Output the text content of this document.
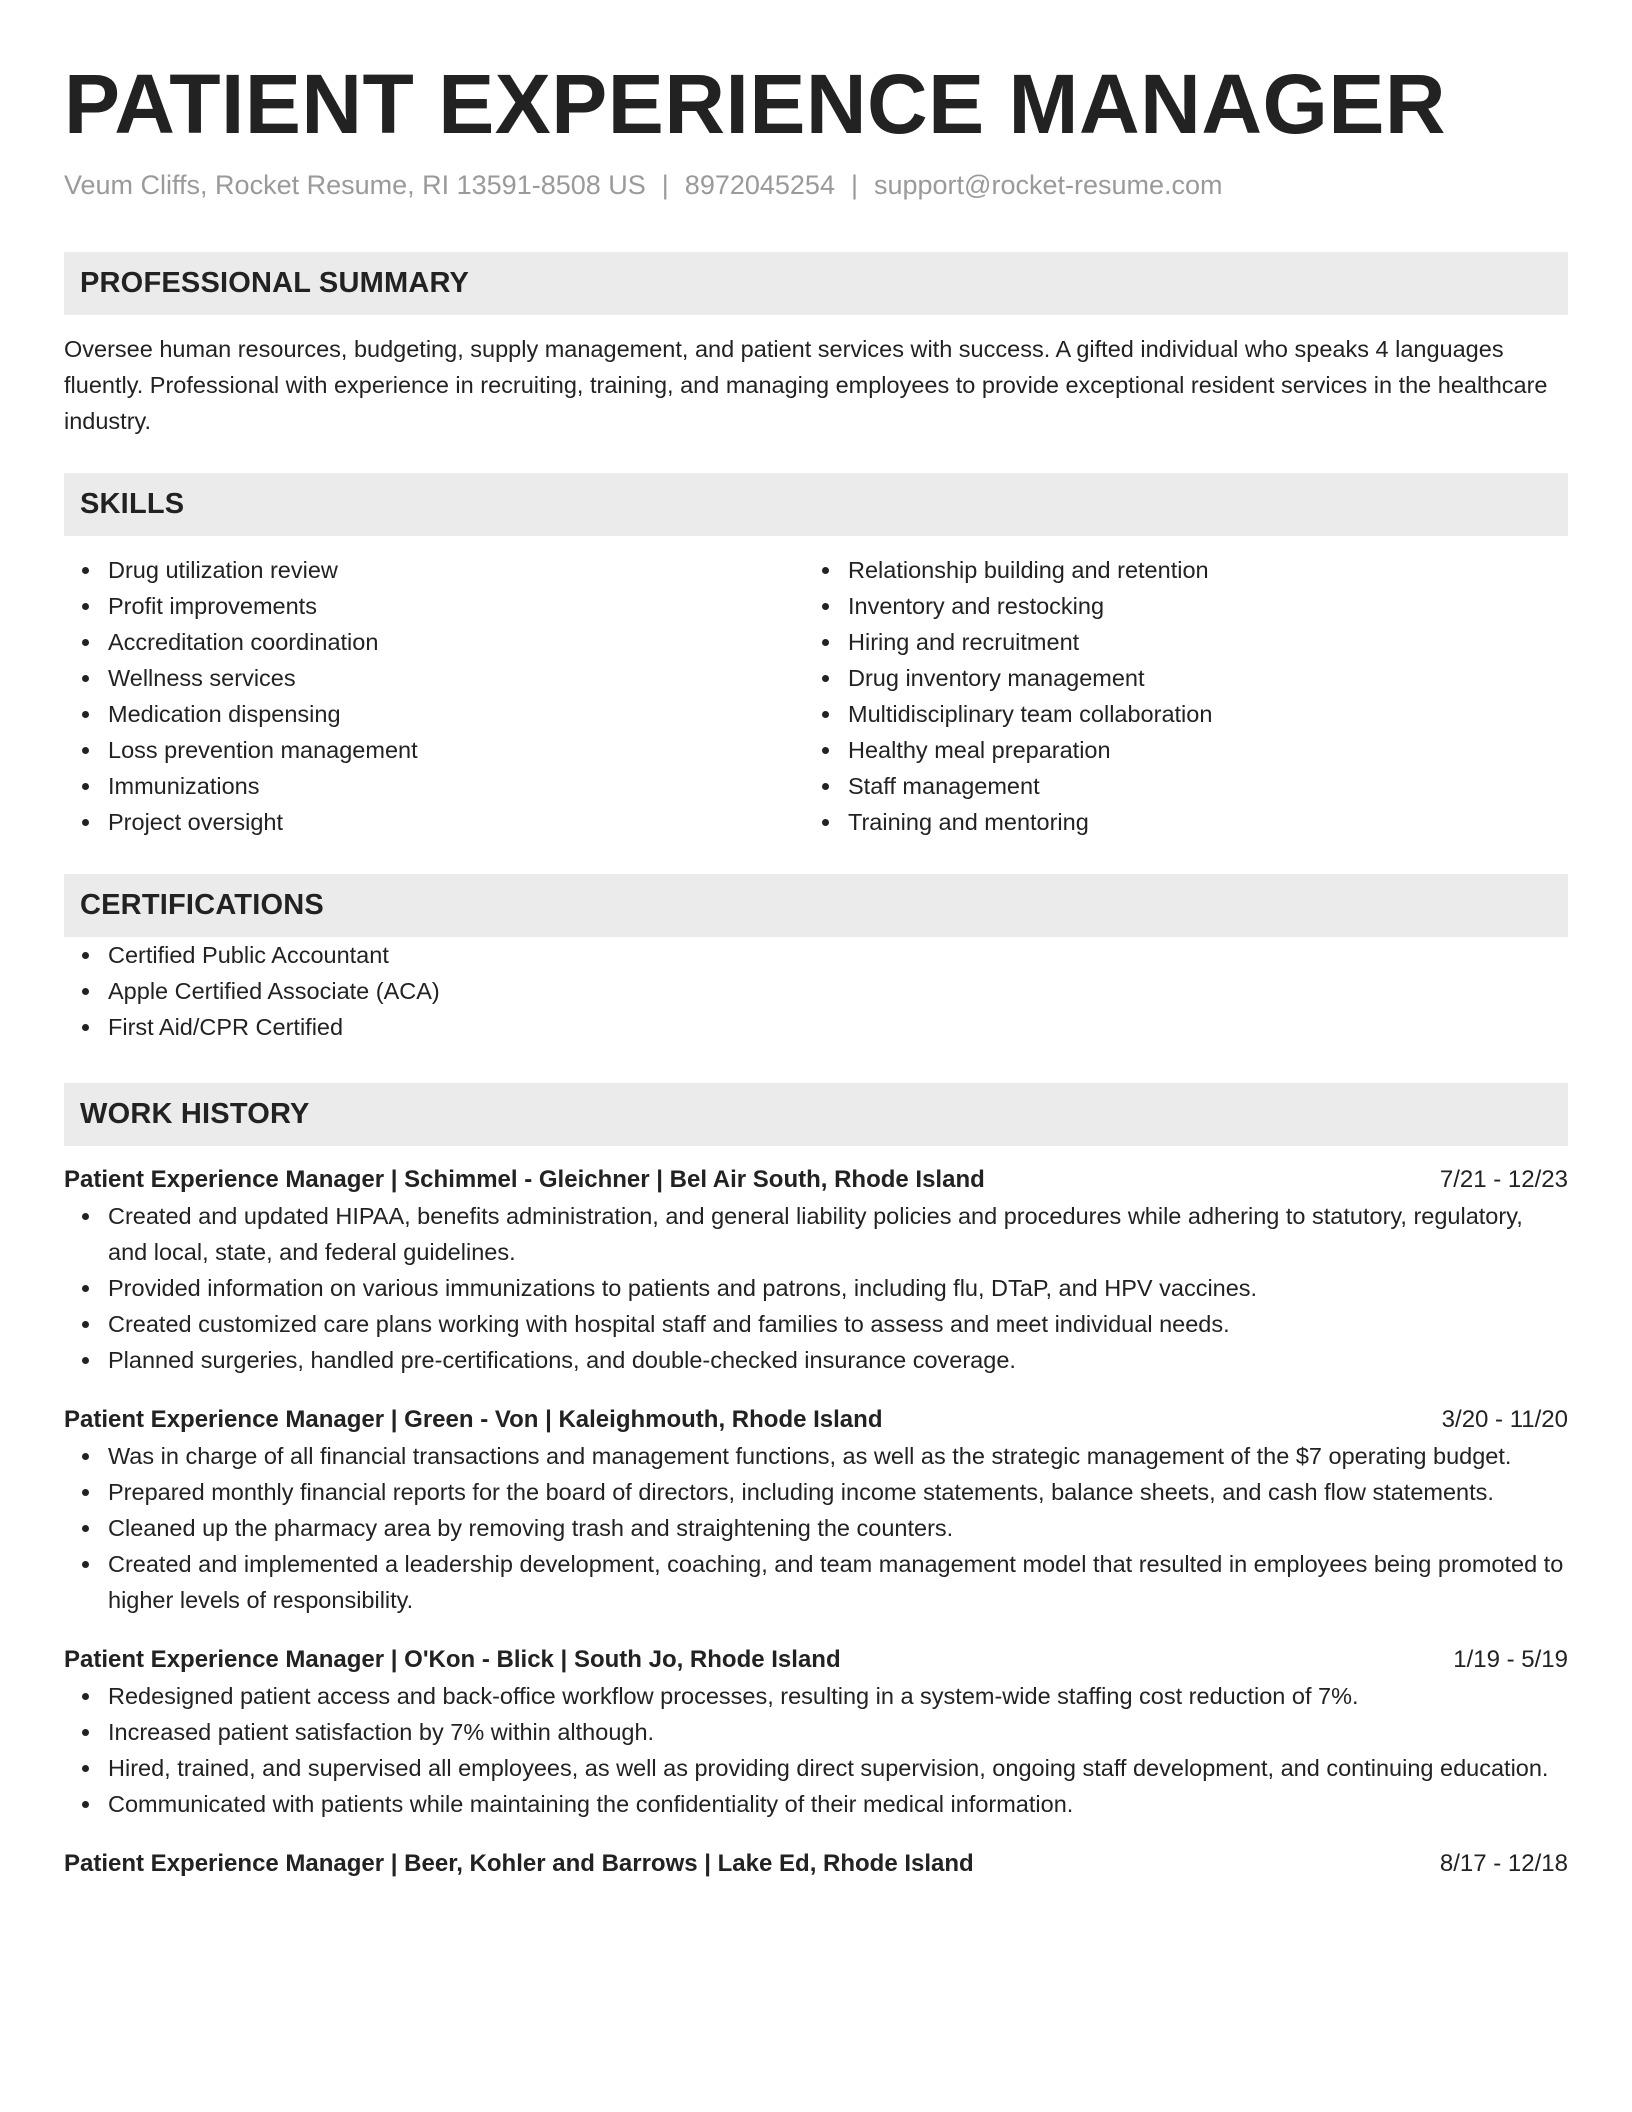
PATIENT EXPERIENCE MANAGER
Veum Cliffs, Rocket Resume, RI 13591-8508 US | 8972045254 | support@rocket-resume.com
PROFESSIONAL SUMMARY
Oversee human resources, budgeting, supply management, and patient services with success. A gifted individual who speaks 4 languages fluently. Professional with experience in recruiting, training, and managing employees to provide exceptional resident services in the healthcare industry.
SKILLS
Drug utilization review
Profit improvements
Accreditation coordination
Wellness services
Medication dispensing
Loss prevention management
Immunizations
Project oversight
Relationship building and retention
Inventory and restocking
Hiring and recruitment
Drug inventory management
Multidisciplinary team collaboration
Healthy meal preparation
Staff management
Training and mentoring
CERTIFICATIONS
Certified Public Accountant
Apple Certified Associate (ACA)
First Aid/CPR Certified
WORK HISTORY
Patient Experience Manager | Schimmel - Gleichner | Bel Air South, Rhode Island	7/21 - 12/23
Created and updated HIPAA, benefits administration, and general liability policies and procedures while adhering to statutory, regulatory, and local, state, and federal guidelines.
Provided information on various immunizations to patients and patrons, including flu, DTaP, and HPV vaccines.
Created customized care plans working with hospital staff and families to assess and meet individual needs.
Planned surgeries, handled pre-certifications, and double-checked insurance coverage.
Patient Experience Manager | Green - Von | Kaleighmouth, Rhode Island	3/20 - 11/20
Was in charge of all financial transactions and management functions, as well as the strategic management of the $7 operating budget.
Prepared monthly financial reports for the board of directors, including income statements, balance sheets, and cash flow statements.
Cleaned up the pharmacy area by removing trash and straightening the counters.
Created and implemented a leadership development, coaching, and team management model that resulted in employees being promoted to higher levels of responsibility.
Patient Experience Manager | O'Kon - Blick | South Jo, Rhode Island	1/19 - 5/19
Redesigned patient access and back-office workflow processes, resulting in a system-wide staffing cost reduction of 7%.
Increased patient satisfaction by 7% within although.
Hired, trained, and supervised all employees, as well as providing direct supervision, ongoing staff development, and continuing education.
Communicated with patients while maintaining the confidentiality of their medical information.
Patient Experience Manager | Beer, Kohler and Barrows | Lake Ed, Rhode Island	8/17 - 12/18
